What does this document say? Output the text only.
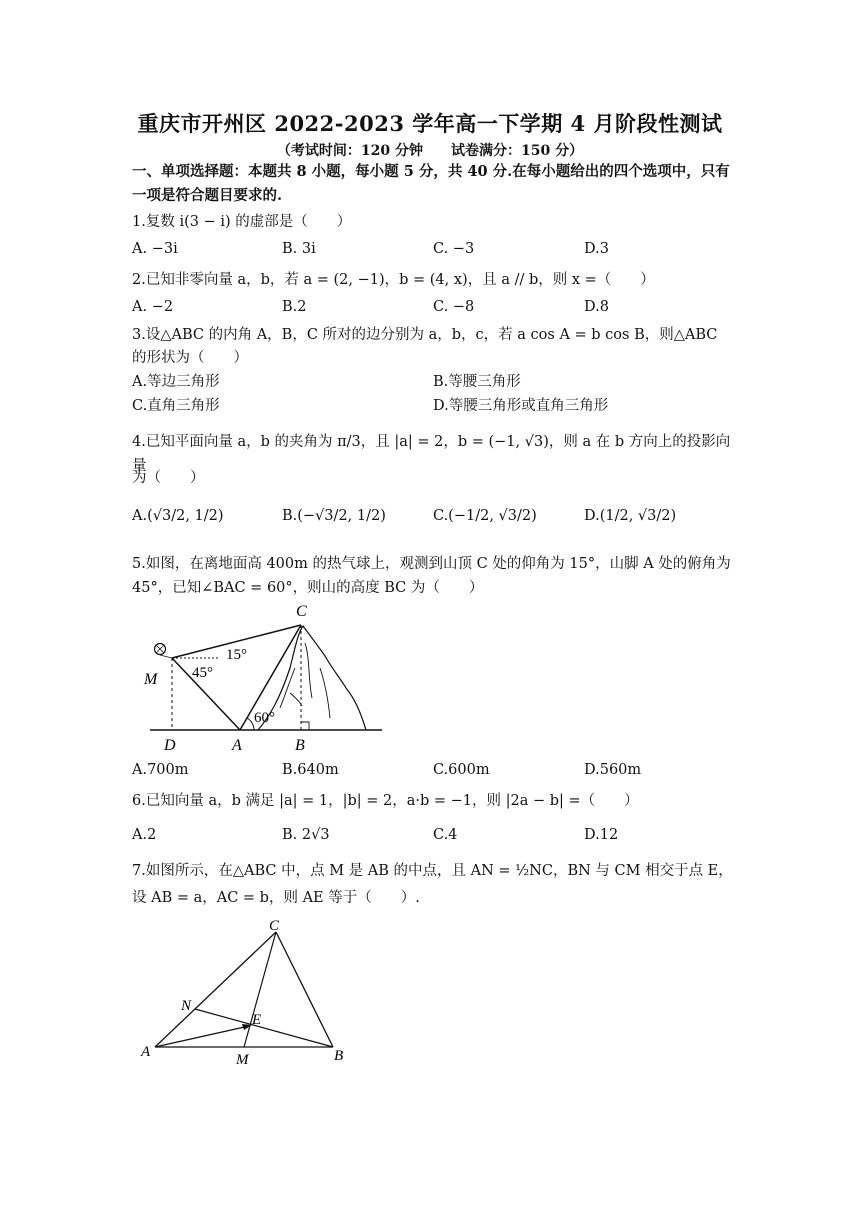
重庆市开州区 2022-2023 学年高一下学期 4 月阶段性测试
（考试时间：120 分钟　　试卷满分：150 分）
一、单项选择题：本题共 8 小题，每小题 5 分，共 40 分.在每小题给出的四个选项中，只有
一项是符合题目要求的.
1.复数 i(3 − i) 的虚部是（　　）
A. −3i	B. 3i	C. −3	D.3
2.已知非零向量 a，b，若 a = (2, −1)，b = (4, x)，且 a // b，则 x =（　　）
A. −2	B.2	C. −8	D.8
3.设△ABC 的内角 A，B，C 所对的边分别为 a，b，c，若 a cos A = b cos B，则△ABC
的形状为（　　）
A.等边三角形	B.等腰三角形
C.直角三角形	D.等腰三角形或直角三角形
4.已知平面向量 a，b 的夹角为 π/3，且 |a| = 2，b = (−1, √3)，则 a 在 b 方向上的投影向量
为（　　）
A.(√3/2, 1/2)	B.(−√3/2, 1/2)	C.(−1/2, √3/2)	D.(1/2, √3/2)
5.如图，在离地面高 400m 的热气球上，观测到山顶 C 处的仰角为 15°，山脚 A 处的俯角为
45°，已知∠BAC = 60°，则山的高度 BC 为（　　）
C
M
D	A	B
15°
45°
60°
A.700m	B.640m	C.600m	D.560m
6.已知向量 a，b 满足 |a| = 1，|b| = 2，a·b = −1，则 |2a − b| =（　　）
A.2	B. 2√3	C.4	D.12
7.如图所示，在△ABC 中，点 M 是 AB 的中点，且 AN = ½NC，BN 与 CM 相交于点 E，
设 AB = a，AC = b，则 AE 等于（　　）.
C
N
E
A	M	B
